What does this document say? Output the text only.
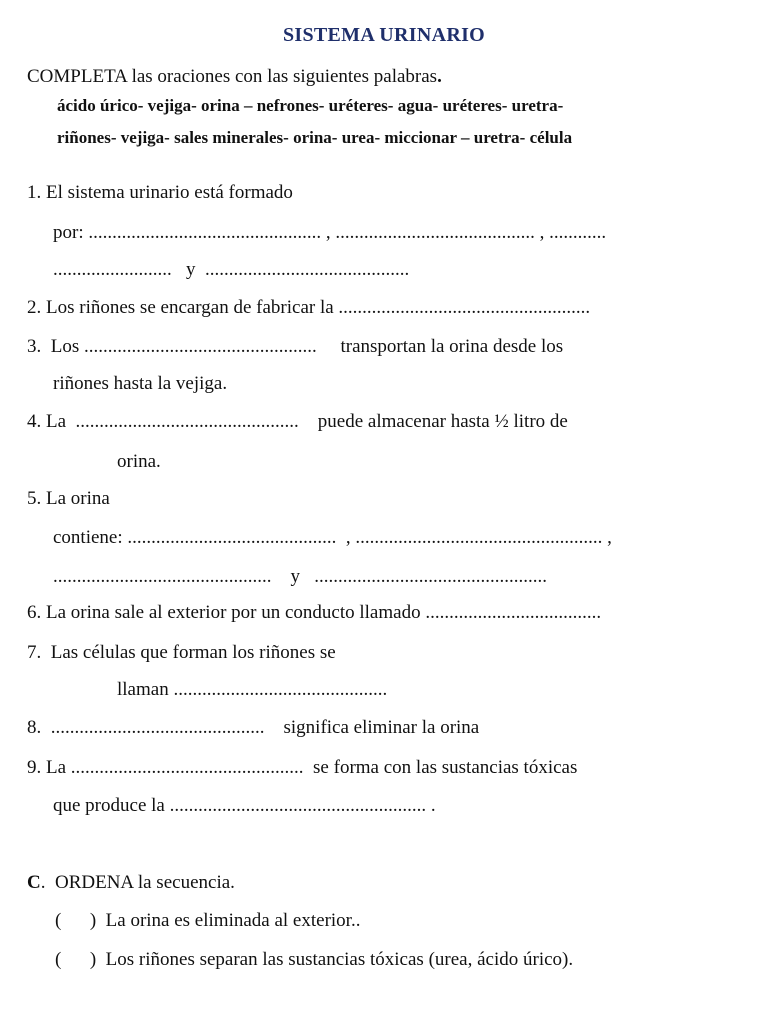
SISTEMA URINARIO
COMPLETA las oraciones con las siguientes palabras.
ácido úrico- vejiga- orina – nefrones- uréteres- agua- uréteres- uretra-
riñones- vejiga- sales minerales- orina- urea- miccionar – uretra- célula
1. El sistema urinario está formado
por: ................................................. , .......................................... , ............
.........................   y  ...........................................
2. Los riñones se encargan de fabricar la .....................................................
3.  Los .................................................     transportan la orina desde los
riñones hasta la vejiga.
4. La  ...............................................    puede almacenar hasta ½ litro de
orina.
5. La orina
contiene: ............................................  , .................................................... ,
..............................................    y   .................................................
6. La orina sale al exterior por un conducto llamado .....................................
7.  Las células que forman los riñones se
llaman .............................................
8.  .............................................    significa eliminar la orina
9. La .................................................  se forma con las sustancias tóxicas
que produce la ...................................................... .
C.  ORDENA la secuencia.
(      )  La orina es eliminada al exterior..
(      )  Los riñones separan las sustancias tóxicas (urea, ácido úrico).
